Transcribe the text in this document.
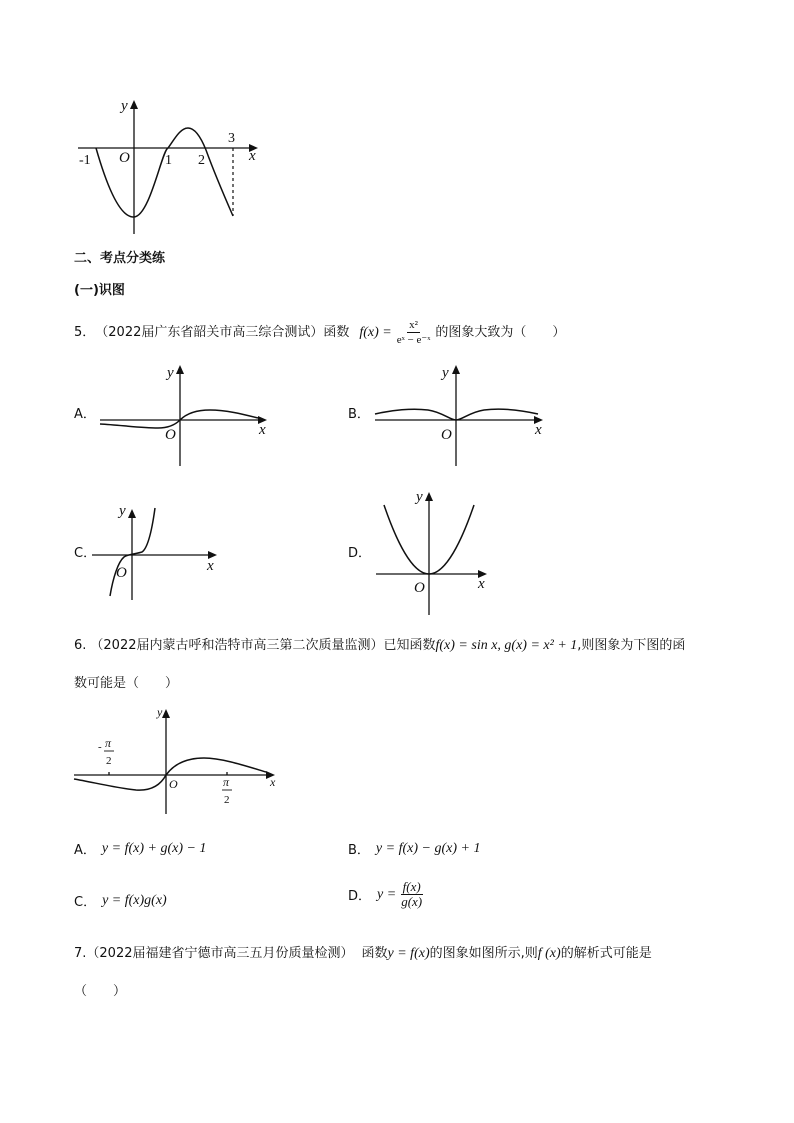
-1 O	1 2
3
x
y
二、考点分类练
(一)识图
5． （2022届广东省韶关市高三综合测试）函数 $f(x) = \frac{\text{x²}}{\text{eˣ − e⁻ˣ}}$ 的图象大致为（　　）
A．
x
y
O
B．
x
y
O
C．
x
y
O
D．
x
y
O
6. （2022届内蒙古呼和浩特市高三第二次质量监测）已知函数 f(x) = sin x, g(x) = x² + 1 ,则图象为下图的函
数可能是（　　）
- π
2
π
2
x
y
O
A． y = f(x) + g(x) − 1	B． y = f(x) − g(x) + 1
C． y = f(x)g(x)	D． $y = \frac{f(x)}{g(x)}$
7. （2022届福建省宁德市高三五月份质量检测） 函数 y = f(x) 的图象如图所示,则 f (x) 的解析式可能是
（　　）
